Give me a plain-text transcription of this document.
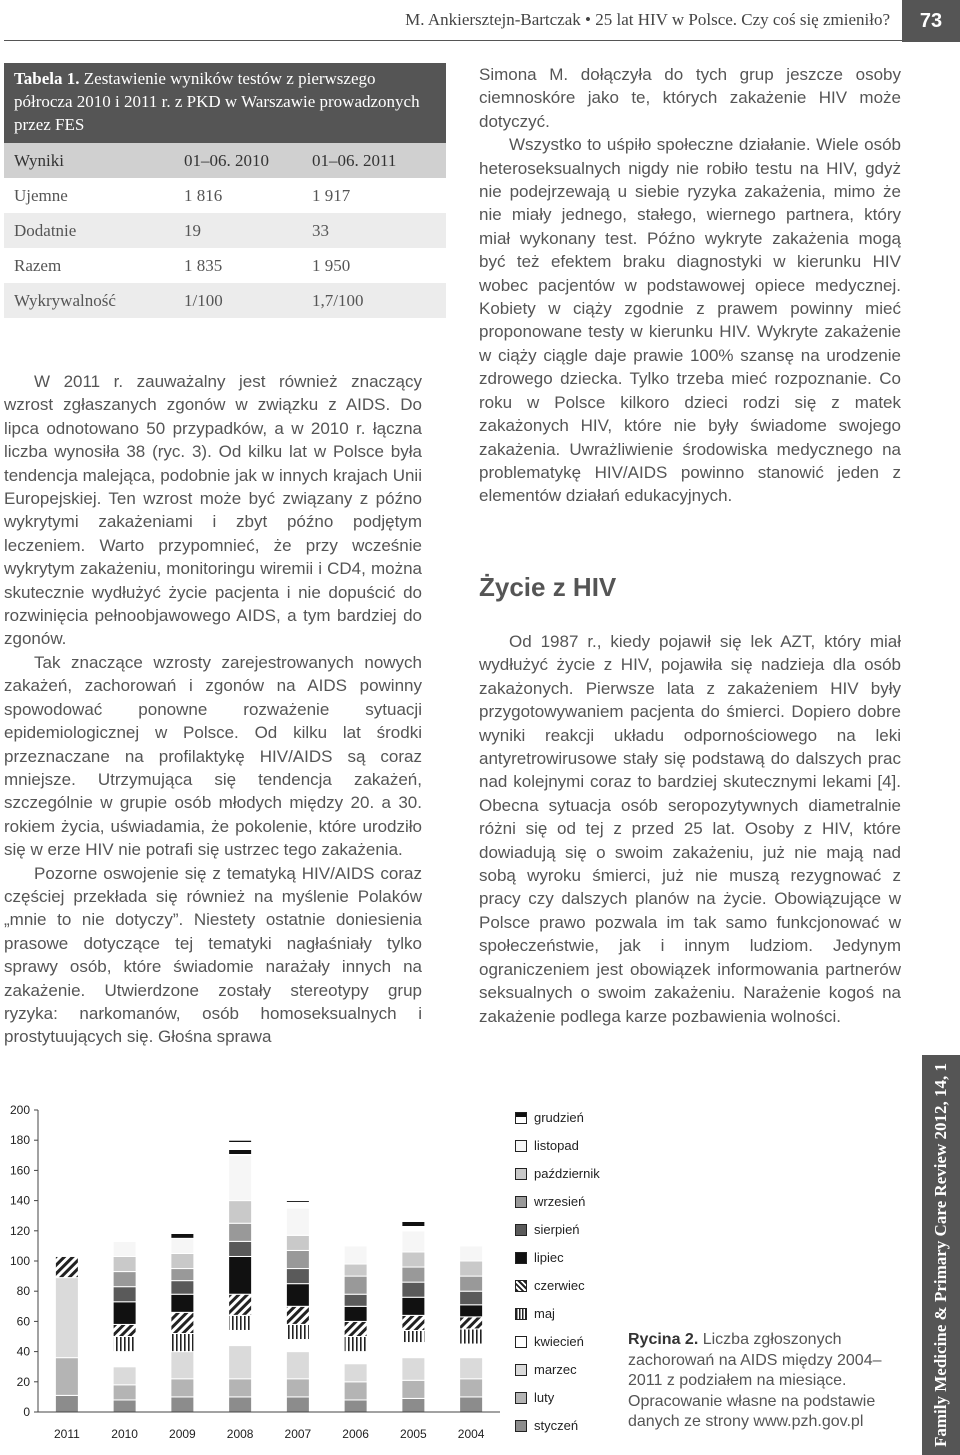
M. Ankiersztejn-Bartczak • 25 lat HIV w Polsce. Czy coś się zmieniło?	73
Tabela 1. Zestawienie wyników testów z pierwszego półrocza 2010 i 2011 r. z PKD w Warszawie prowadzonych przez FES
Wyniki	01–06. 2010	01–06. 2011
Ujemne	1 816	1 917
Dodatnie	19	33
Razem	1 835	1 950
Wykrywalność	1/100	1,7/100

W 2011 r. zauważalny jest również znaczący wzrost zgłaszanych zgonów w związku z AIDS. Do lipca odnotowano 50 przypadków, a w 2010 r. łączna liczba wynosiła 38 (ryc. 3). Od kilku lat w Polsce była tendencja malejąca, podobnie jak w innych krajach Unii Europejskiej. Ten wzrost może być związany z późno wykrytymi zakażeniami i zbyt późno podjętym leczeniem. Warto przypomnieć, że przy wcześnie wykrytym zakażeniu, monitoringu wiremii i CD4, można skutecznie wydłużyć życie pacjenta i nie dopuścić do rozwinięcia pełnoobjawowego AIDS, a tym bardziej do zgonów.

Tak znaczące wzrosty zarejestrowanych nowych zakażeń, zachorowań i zgonów na AIDS powinny spowodować ponowne rozważenie sytuacji epidemiologicznej w Polsce. Od kilku lat środki przeznaczane na profilaktykę HIV/AIDS są coraz mniejsze. Utrzymująca się tendencja zakażeń, szczególnie w grupie osób młodych między 20. a 30. rokiem życia, uświadamia, że pokolenie, które urodziło się w erze HIV nie potrafi się ustrzec tego zakażenia.

Pozorne oswojenie się z tematyką HIV/AIDS coraz częściej przekłada się również na myślenie Polaków „mnie to nie dotyczy”. Niestety ostatnie doniesienia prasowe dotyczące tej tematyki nagłaśniały tylko sprawy osób, które świadomie narażały innych na zakażenie. Utwierdzone zostały stereotypy grup ryzyka: narkomanów, osób homoseksualnych i prostytuujących się. Głośna sprawa

Simona M. dołączyła do tych grup jeszcze osoby ciemnoskóre jako te, których zakażenie HIV może dotyczyć.

Wszystko to uśpiło społeczne działanie. Wiele osób heteroseksualnych nigdy nie robiło testu na HIV, gdyż nie podejrzewają u siebie ryzyka zakażenia, mimo że nie miały jednego, stałego, wiernego partnera, który miał wykonany test. Późno wykryte zakażenia mogą być też efektem braku diagnostyki w kierunku HIV wobec pacjentów w podstawowej opiece medycznej. Kobiety w ciąży zgodnie z prawem powinny mieć proponowane testy w kierunku HIV. Wykryte zakażenie w ciąży ciągle daje prawie 100% szansę na urodzenie zdrowego dziecka. Tylko trzeba mieć rozpoznanie. Co roku w Polsce kilkoro dzieci rodzi się z matek zakażonych HIV, które nie były świadome swojego zakażenia. Uwrażliwienie środowiska medycznego na problematykę HIV/AIDS powinno stanowić jeden z elementów działań edukacyjnych.

Życie z HIV

Od 1987 r., kiedy pojawił się lek AZT, który miał wydłużyć życie z HIV, pojawiła się nadzieja dla osób zakażonych. Pierwsze lata z zakażeniem HIV były przygotowywaniem pacjenta do śmierci. Dopiero dobre wyniki reakcji układu odpornościowego na leki antyretrowirusowe stały się podstawą do dalszych prac nad kolejnymi coraz to bardziej skutecznymi lekami [4]. Obecna sytuacja osób seropozytywnych diametralnie różni się od tej z przed 25 lat. Osoby z HIV, które dowiadują się o swoim zakażeniu, już nie mają nad sobą wyroku śmierci, już nie muszą rezygnować z pracy czy dalszych planów na życie. Obowiązujące w Polsce prawo pozwala im tak samo funkcjonować w społeczeństwie, jak i innym ludziom. Jedynym ograniczeniem jest obowiązek informowania partnerów seksualnych o swoim zakażeniu. Narażenie kogoś na zakażenie podlega karze pozbawienia wolności.

Family Medicine & Primary Care Review 2012, 14, 1
0
20
40
60
80
100
120
140
160
180
200
2011	2010	2009	2008	2007	2006	2005	2004
grudzień
listopad
październik
wrzesień
sierpień
lipiec
czerwiec
maj
kwiecień
marzec
luty
styczeń
Rycina 2. Liczba zgłoszonych zachorowań na AIDS między 2004–2011 z podziałem na miesiące. Opracowanie własne na podstawie danych ze strony www.pzh.gov.pl
